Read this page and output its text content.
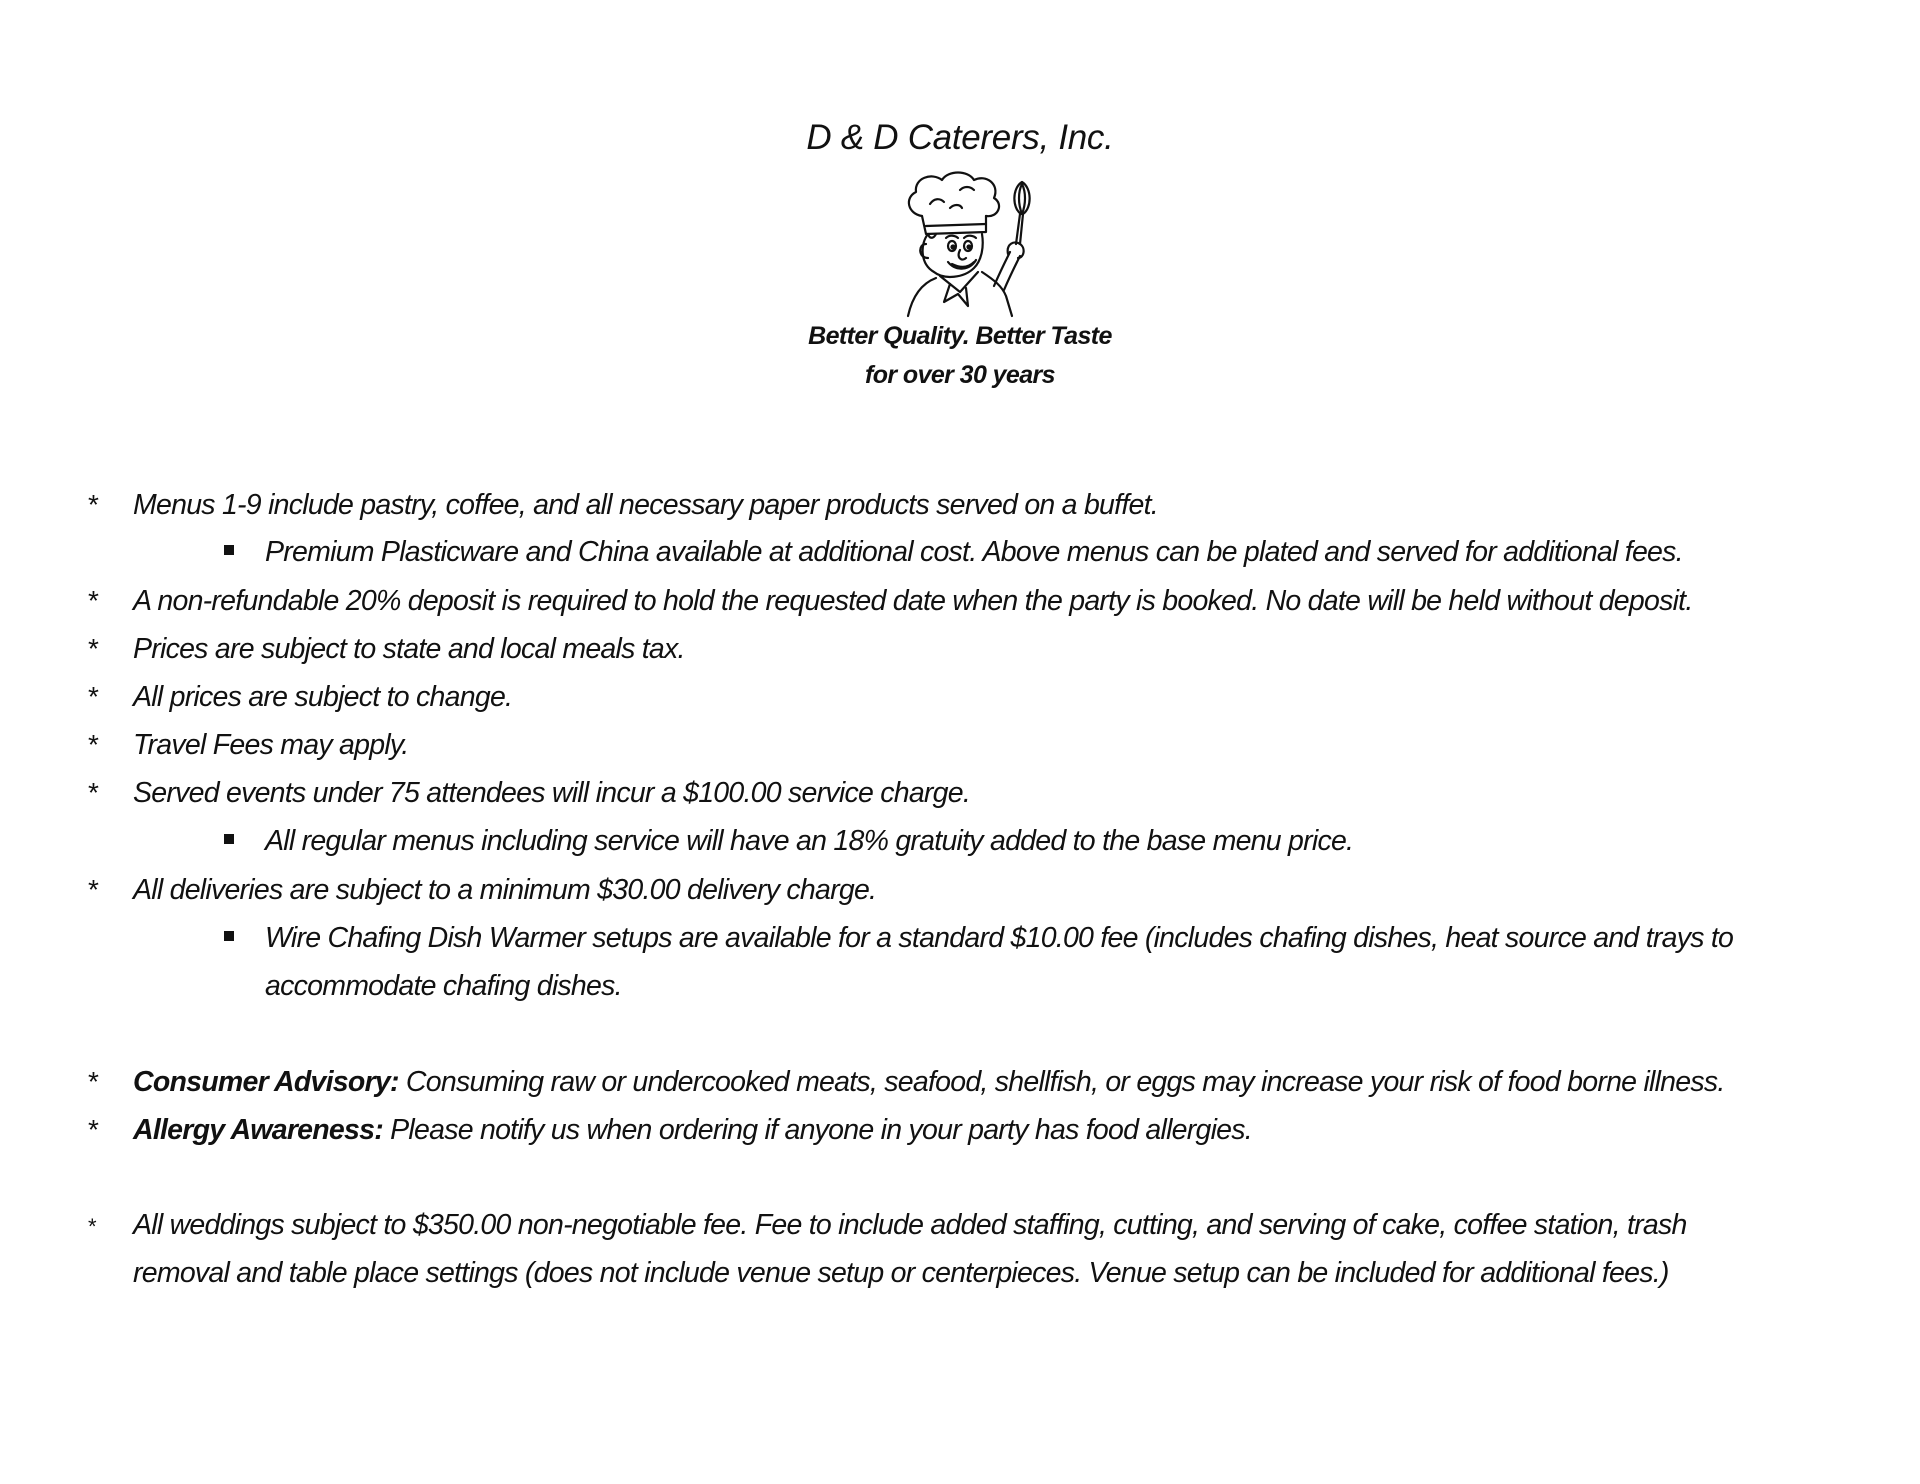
D & D Caterers, Inc.
Better Quality. Better Taste
for over 30 years
* Menus 1-9 include pastry, coffee, and all necessary paper products served on a buffet.
Premium Plasticware and China available at additional cost. Above menus can be plated and served for additional fees.
* A non-refundable 20% deposit is required to hold the requested date when the party is booked. No date will be held without deposit.
* Prices are subject to state and local meals tax.
* All prices are subject to change.
* Travel Fees may apply.
* Served events under 75 attendees will incur a $100.00 service charge.
All regular menus including service will have an 18% gratuity added to the base menu price.
* All deliveries are subject to a minimum $30.00 delivery charge.
Wire Chafing Dish Warmer setups are available for a standard $10.00 fee (includes chafing dishes, heat source and trays to
accommodate chafing dishes.
* Consumer Advisory: Consuming raw or undercooked meats, seafood, shellfish, or eggs may increase your risk of food borne illness.
* Allergy Awareness: Please notify us when ordering if anyone in your party has food allergies.
* All weddings subject to $350.00 non-negotiable fee. Fee to include added staffing, cutting, and serving of cake, coffee station, trash
removal and table place settings (does not include venue setup or centerpieces. Venue setup can be included for additional fees.)
